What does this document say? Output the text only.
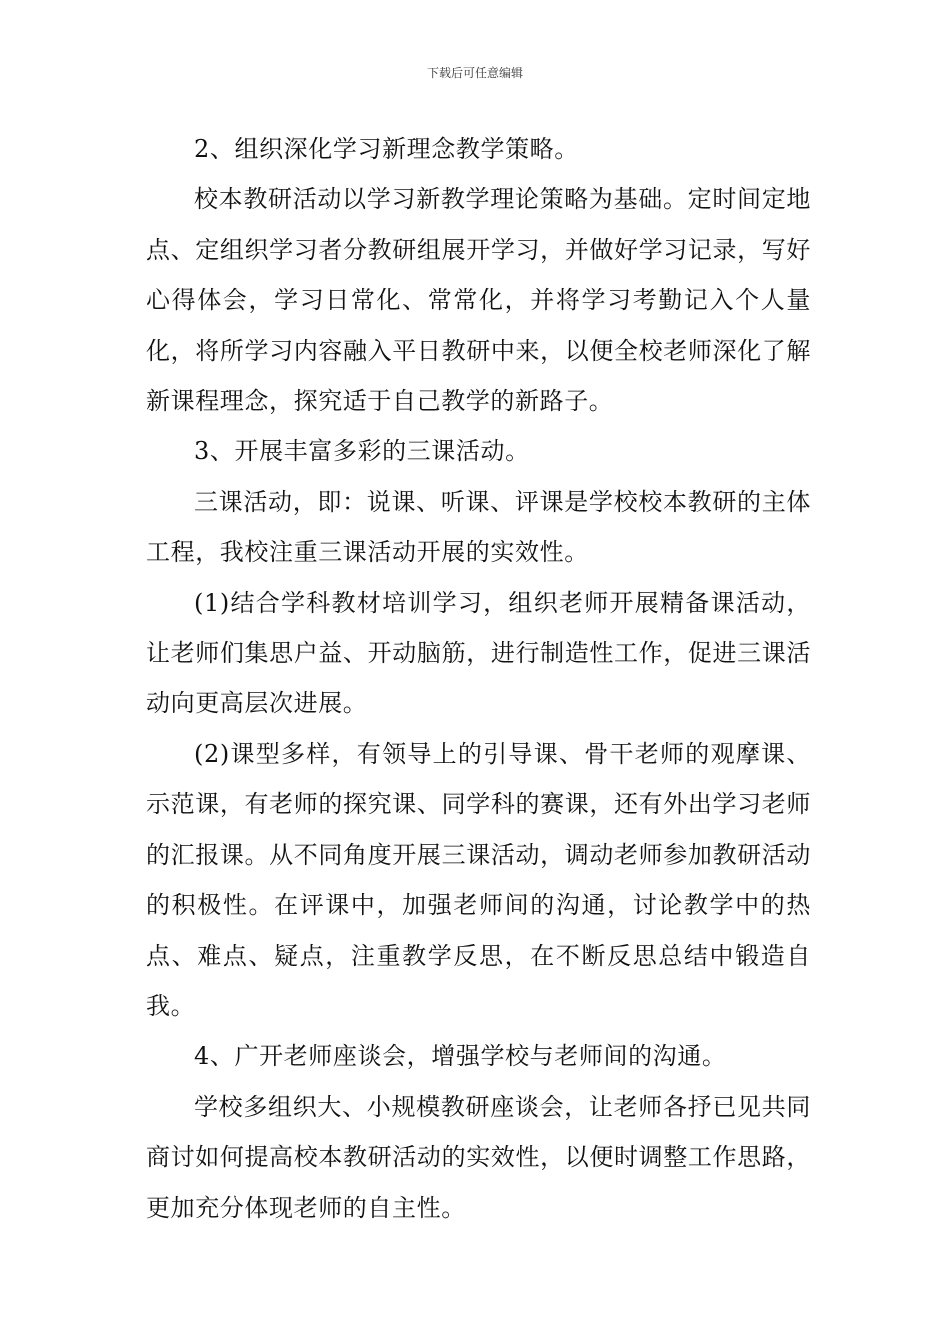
下载后可任意编辑

2、组织深化学习新理念教学策略。

校本教研活动以学习新教学理论策略为基础。定时间定地点、定组织学习者分教研组展开学习，并做好学习记录，写好心得体会，学习日常化、常常化，并将学习考勤记入个人量化，将所学习内容融入平日教研中来，以便全校老师深化了解新课程理念，探究适于自己教学的新路子。

3、开展丰富多彩的三课活动。

三课活动，即：说课、听课、评课是学校校本教研的主体工程，我校注重三课活动开展的实效性。

(1)结合学科教材培训学习，组织老师开展精备课活动，让老师们集思户益、开动脑筋，进行制造性工作，促进三课活动向更高层次进展。

(2)课型多样，有领导上的引导课、骨干老师的观摩课、示范课，有老师的探究课、同学科的赛课，还有外出学习老师的汇报课。从不同角度开展三课活动，调动老师参加教研活动的积极性。在评课中，加强老师间的沟通，讨论教学中的热点、难点、疑点，注重教学反思，在不断反思总结中锻造自我。

4、广开老师座谈会，增强学校与老师间的沟通。

学校多组织大、小规模教研座谈会，让老师各抒已见共同商讨如何提高校本教研活动的实效性，以便时调整工作思路，更加充分体现老师的自主性。
